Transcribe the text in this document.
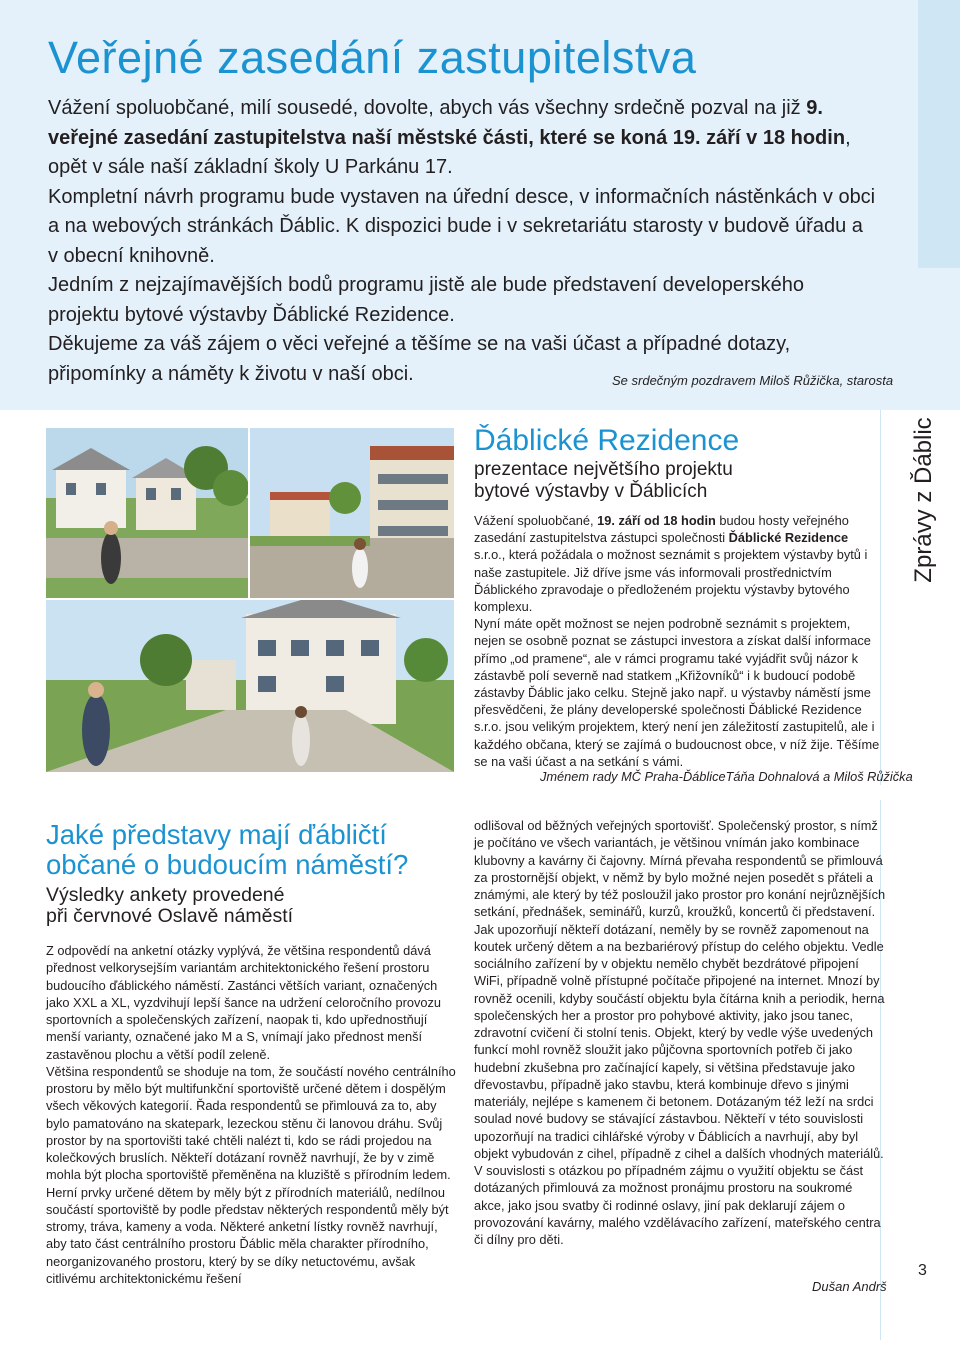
Veřejné zasedání zastupitelstva

Vážení spoluobčané, milí sousedé, dovolte, abych vás všechny srdečně pozval na již 9. veřejné zasedání zastupitelstva naší městské části, které se koná 19. září v 18 hodin, opět v sále naší základní školy U Parkánu 17.

Kompletní návrh programu bude vystaven na úřední desce, v informačních nástěnkách v obci a na webových stránkách Ďáblic. K dispozici bude i v sekretariátu starosty v budově úřadu a v obecní knihovně.

Jedním z nejzajímavějších bodů programu jistě ale bude představení developerského projektu bytové výstavby Ďáblické Rezidence.

Děkujeme za váš zájem o věci veřejné a těšíme se na vaši účast a případné dotazy, připomínky a náměty k životu v naší obci.	Se srdečným pozdravem Miloš Růžička, starosta
Zprávy z Ďáblic
Ďáblické Rezidence
prezentace největšího projektu
bytové výstavby v Ďáblicích

Vážení spoluobčané, 19. září od 18 hodin budou hosty veřejného zasedání zastupitelstva zástupci společnosti Ďáblické Rezidence s.r.o., která požádala o možnost seznámit s projektem výstavby bytů i naše zastupitele. Již dříve jsme vás informovali prostřednictvím Ďáblického zpravodaje o předloženém projektu výstavby bytového komplexu.

Nyní máte opět možnost se nejen podrobně seznámit s projektem, nejen se osobně poznat se zástupci investora a získat další informace přímo „od pramene“, ale v rámci programu také vyjádřit svůj názor k zástavbě polí severně nad statkem „Křižovníků“ i k budoucí podobě zástavby Ďáblic jako celku. Stejně jako např. u výstavby náměstí jsme přesvědčeni, že plány developerské společnosti Ďáblické Rezidence s.r.o. jsou velikým projektem, který není jen záležitostí zastupitelů, ale i každého občana, který se zajímá o budoucnost obce, v níž žije. Těšíme se na vaši účast a na setkání s vámi.

Jménem rady MČ Praha-ĎábliceTáňa Dohnalová a Miloš Růžička
Jaké představy mají ďábličtí občané o budoucím náměstí?
Výsledky ankety provedené
při červnové Oslavě náměstí

Z odpovědí na anketní otázky vyplývá, že většina respondentů dává přednost velkorysejším variantám architektonického řešení prostoru budoucího ďáblického náměstí. Zastánci větších variant, označených jako XXL a XL, vyzdvihují lepší šance na udržení celoročního provozu sportovních a společenských zařízení, naopak ti, kdo upřednostňují menší varianty, označené jako M a S, vnímají jako přednost menší zastavěnou plochu a větší podíl zeleně.

Většina respondentů se shoduje na tom, že součástí nového centrálního prostoru by mělo být multifunkční sportoviště určené dětem i dospělým všech věkových kategorií. Řada respondentů se přimlouvá za to, aby bylo pamatováno na skatepark, lezeckou stěnu či lanovou dráhu. Svůj prostor by na sportovišti také chtěli nalézt ti, kdo se rádi projedou na kolečkových bruslích. Někteří dotázaní rovněž navrhují, že by v zimě mohla být plocha sportoviště přeměněna na kluziště s přírodním ledem. Herní prvky určené dětem by měly být z přírodních materiálů, nedílnou součástí sportoviště by podle představ některých respondentů měly být stromy, tráva, kameny a voda. Některé anketní lístky rovněž navrhují, aby tato část centrálního prostoru Ďáblic měla charakter přírodního, neorganizovaného prostoru, který by se díky netuctovému, avšak citlivému architektonickému řešení

odlišoval od běžných veřejných sportovišť. Společenský prostor, s nímž je počítáno ve všech variantách, je většinou vnímán jako kombinace klubovny a kavárny či čajovny. Mírná převaha respondentů se přimlouvá za prostornější objekt, v němž by bylo možné nejen posedět s přáteli a známými, ale který by též posloužil jako prostor pro konání nejrůznějších setkání, přednášek, seminářů, kurzů, kroužků, koncertů či představení. Jak upozorňují někteří dotázaní, neměly by se rovněž zapomenout na koutek určený dětem a na bezbariérový přístup do celého objektu. Vedle sociálního zařízení by v objektu nemělo chybět bezdrátové připojení WiFi, případně volně přístupné počítače připojené na internet. Mnozí by rovněž ocenili, kdyby součástí objektu byla čítárna knih a periodik, herna společenských her a prostor pro pohybové aktivity, jako jsou tanec, zdravotní cvičení či stolní tenis. Objekt, který by vedle výše uvedených funkcí mohl rovněž sloužit jako půjčovna sportovních potřeb či jako hudební zkušebna pro začínající kapely, si většina představuje jako dřevostavbu, případně jako stavbu, která kombinuje dřevo s jinými materiály, nejlépe s kamenem či betonem. Dotázaným též leží na srdci soulad nové budovy se stávající zástavbou. Někteří v této souvislosti upozorňují na tradici cihlářské výroby v Ďáblicích a navrhují, aby byl objekt vybudován z cihel, případně z cihel a dalších vhodných materiálů.

V souvislosti s otázkou po případném zájmu o využití objektu se část dotázaných přimlouvá za možnost pronájmu prostoru na soukromé akce, jako jsou svatby či rodinné oslavy, jiní pak deklarují zájem o provozování kavárny, malého vzdělávacího zařízení, mateřského centra či dílny pro děti.

Dušan Andrš
3
